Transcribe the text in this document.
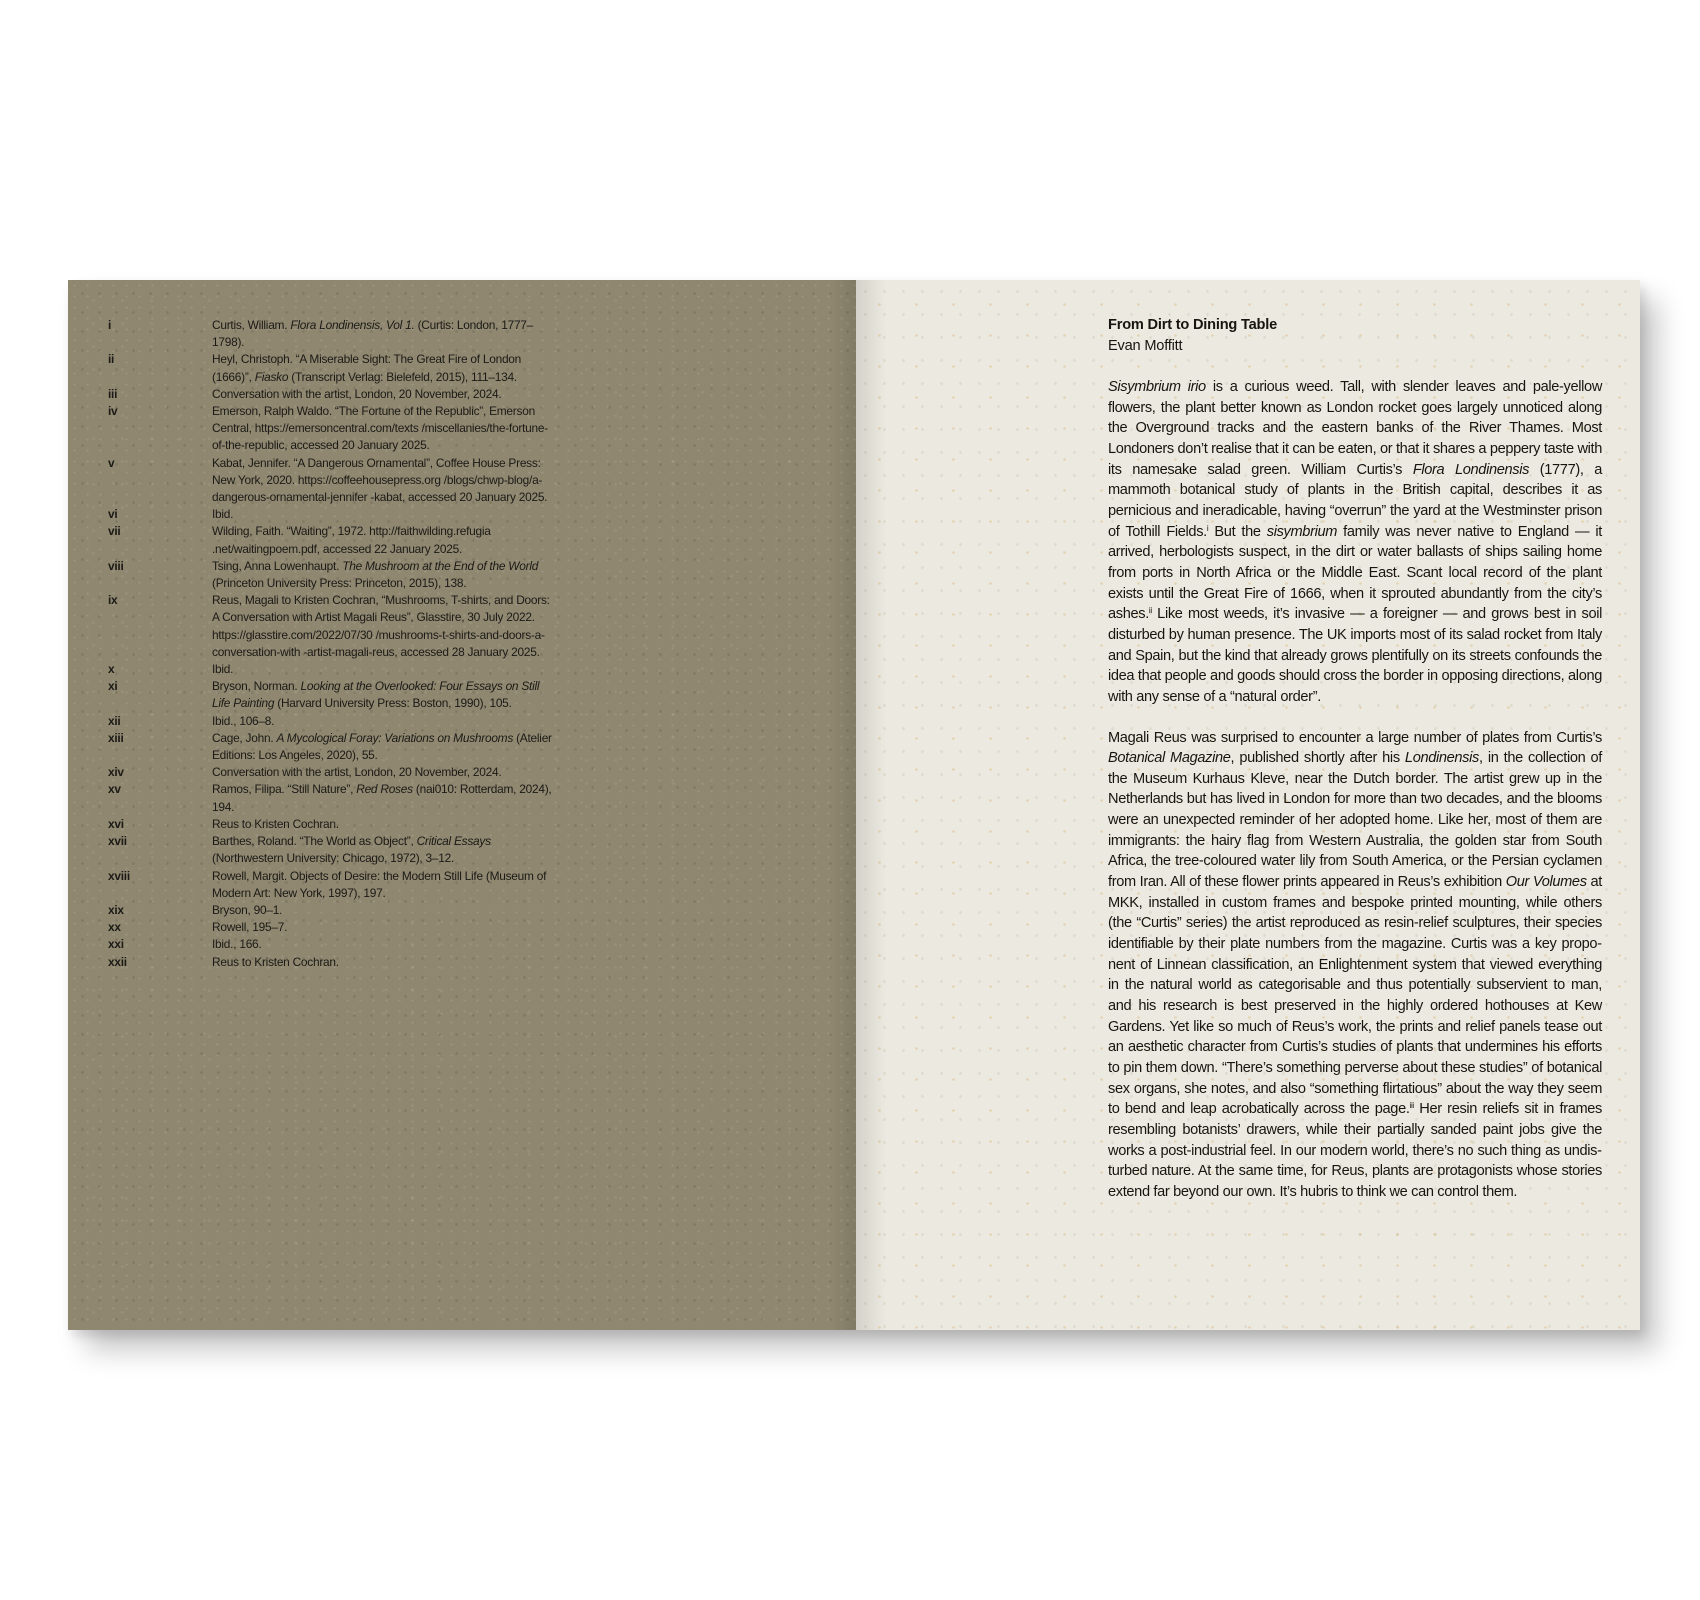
i	Curtis, William. Flora Londinensis, Vol 1. (Curtis: London, 1777–1798).
ii	Heyl, Christoph. “A Miserable Sight: The Great Fire of London (1666)”, Fiasko (Transcript Verlag: Bielefeld, 2015), 111–134.
iii	Conversation with the artist, London, 20 November, 2024.
iv	Emerson, Ralph Waldo. “The Fortune of the Republic”, Emerson Central, https://emersoncentral.com/texts /miscellanies/the-fortune-of-the-republic, accessed 20 January 2025.
v	Kabat, Jennifer. “A Dangerous Ornamental”, Coffee House Press: New York, 2020. https://coffeehousepress.org /blogs/chwp-blog/a-dangerous-ornamental-jennifer -kabat, accessed 20 January 2025.
vi	Ibid.
vii	Wilding, Faith. “Waiting”, 1972. http://faithwilding.refugia .net/waitingpoem.pdf, accessed 22 January 2025.
viii	Tsing, Anna Lowenhaupt. The Mushroom at the End of the World (Princeton University Press: Princeton, 2015), 138.
ix	Reus, Magali to Kristen Cochran, “Mushrooms, T-shirts, and Doors: A Conversation with Artist Magali Reus”, Glasstire, 30 July 2022. https://glasstire.com/2022/07/30 /mushrooms-t-shirts-and-doors-a-conversation-with -artist-magali-reus, accessed 28 January 2025.
x	Ibid.
xi	Bryson, Norman. Looking at the Overlooked: Four Essays on Still Life Painting (Harvard University Press: Boston, 1990), 105.
xii	Ibid., 106–8.
xiii	Cage, John. A Mycological Foray: Variations on Mushrooms (Atelier Editions: Los Angeles, 2020), 55.
xiv	Conversation with the artist, London, 20 November, 2024.
xv	Ramos, Filipa. “Still Nature”, Red Roses (nai010: Rotterdam, 2024), 194.
xvi	Reus to Kristen Cochran.
xvii	Barthes, Roland. “The World as Object”, Critical Essays (Northwestern University: Chicago, 1972), 3–12.
xviii	Rowell, Margit. Objects of Desire: the Modern Still Life (Museum of Modern Art: New York, 1997), 197.
xix	Bryson, 90–1.
xx	Rowell, 195–7.
xxi	Ibid., 166.
xxii	Reus to Kristen Cochran.
From Dirt to Dining Table

Evan Moffitt

Sisymbrium irio is a curious weed. Tall, with slender leaves and pale-yellow flowers, the plant better known as London rocket goes largely unnoticed along the Overground tracks and the eastern banks of the River Thames. Most Londoners don’t realise that it can be eaten, or that it shares a peppery taste with its namesake salad green. William Curtis’s Flora Londinensis (1777), a mammoth botanical study of plants in the British capital, describes it as pernicious and ineradicable, having “overrun” the yard at the Westminster prison of Tothill Fields.$^i$ But the sisymbrium family was never native to England — it arrived, herbologists suspect, in the dirt or water ballasts of ships sailing home from ports in North Africa or the Middle East. Scant local record of the plant exists until the Great Fire of 1666, when it sprouted abundantly from the city’s ashes.$^{ii}$ Like most weeds, it’s invasive — a foreigner — and grows best in soil disturbed by human presence. The UK imports most of its salad rocket from Italy and Spain, but the kind that already grows plentifully on its streets confounds the idea that people and goods should cross the border in opposing directions, along with any sense of a “natural order”.

Magali Reus was surprised to encounter a large number of plates from Curtis’s Botanical Magazine, published shortly after his Londinensis, in the collection of the Museum Kurhaus Kleve, near the Dutch border. The artist grew up in the Netherlands but has lived in London for more than two decades, and the blooms were an unexpected reminder of her adopted home. Like her, most of them are immigrants: the hairy flag from Western Australia, the golden star from South Africa, the tree-coloured water lily from South America, or the Persian cyclamen from Iran. All of these flower prints appeared in Reus’s exhibition Our Volumes at MKK, installed in custom frames and bespoke printed mounting, while others (the “Curtis” series) the artist reproduced as resin-relief sculptures, their species identifiable by their plate numbers from the magazine. Curtis was a key proponent of Linnean classification, an Enlightenment system that viewed everything in the natural world as categorisable and thus potentially subservient to man, and his research is best preserved in the highly ordered hothouses at Kew Gardens. Yet like so much of Reus’s work, the prints and relief panels tease out an aesthetic character from Curtis’s studies of plants that undermines his efforts to pin them down. “There’s something perverse about these studies” of botanical sex organs, she notes, and also “something flirtatious” about the way they seem to bend and leap acrobatically across the page.$^{iii}$ Her resin reliefs sit in frames resembling botanists’ drawers, while their partially sanded paint jobs give the works a post-industrial feel. In our modern world, there’s no such thing as undisturbed nature. At the same time, for Reus, plants are protagonists whose stories extend far beyond our own. It’s hubris to think we can control them.
